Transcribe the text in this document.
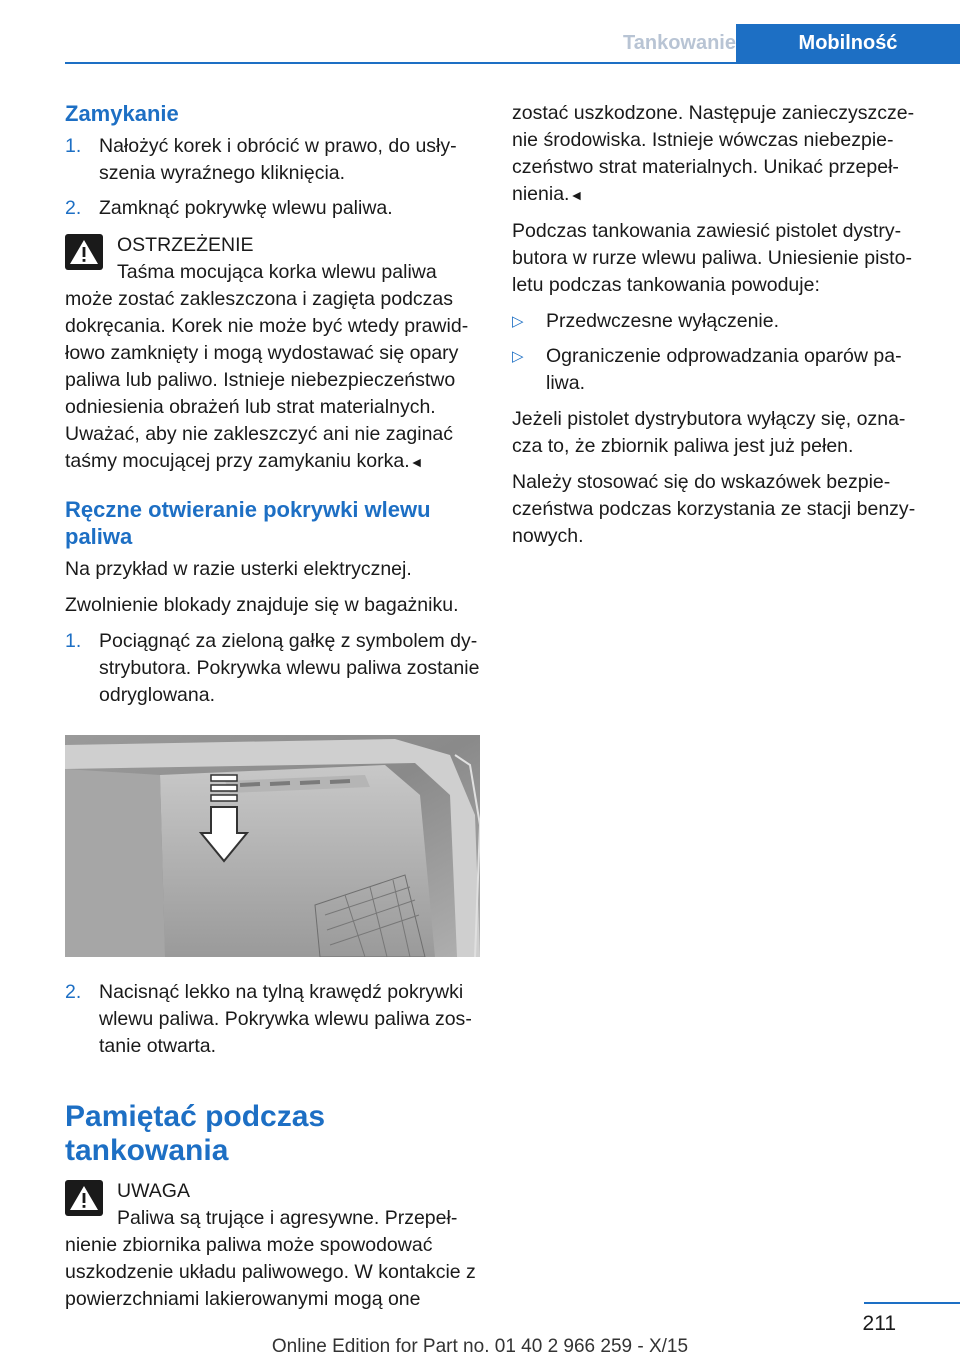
Tankowanie	Mobilność
Zamykanie
1. Nałożyć korek i obrócić w prawo, do usłyszenia wyraźnego kliknięcia.
2. Zamknąć pokrywkę wlewu paliwa.
OSTRZEŻENIE
Taśma mocująca korka wlewu paliwa może zostać zakleszczona i zagięta podczas dokręcania. Korek nie może być wtedy prawidłowo zamknięty i mogą wydostawać się opary paliwa lub paliwo. Istnieje niebezpieczeństwo odniesienia obrażeń lub strat materialnych. Uważać, aby nie zakleszczyć ani nie zaginać taśmy mocującej przy zamykaniu korka.◄
Ręczne otwieranie pokrywki wlewu paliwa

Na przykład w razie usterki elektrycznej.

Zwolnienie blokady znajduje się w bagażniku.

1. Pociągnąć za zieloną gałkę z symbolem dystrybutora. Pokrywka wlewu paliwa zostanie odryglowana.
2. Nacisnąć lekko na tylną krawędź pokrywki wlewu paliwa. Pokrywka wlewu paliwa zostanie otwarta.
Pamiętać podczas tankowania
UWAGA
Paliwa są trujące i agresywne. Przepełnienie zbiornika paliwa może spowodować uszkodzenie układu paliwowego. W kontakcie z powierzchniami lakierowanymi mogą one

zostać uszkodzone. Następuje zanieczyszczenie środowiska. Istnieje wówczas niebezpieczeństwo strat materialnych. Unikać przepełnienia.◄

Podczas tankowania zawiesić pistolet dystrybutora w rurze wlewu paliwa. Uniesienie pistoletu podczas tankowania powoduje:

▷	Przedwczesne wyłączenie.
▷	Ograniczenie odprowadzania oparów paliwa.

Jeżeli pistolet dystrybutora wyłączy się, oznacza to, że zbiornik paliwa jest już pełen.

Należy stosować się do wskazówek bezpieczeństwa podczas korzystania ze stacji benzynowych.

211
Online Edition for Part no. 01 40 2 966 259 - X/15
